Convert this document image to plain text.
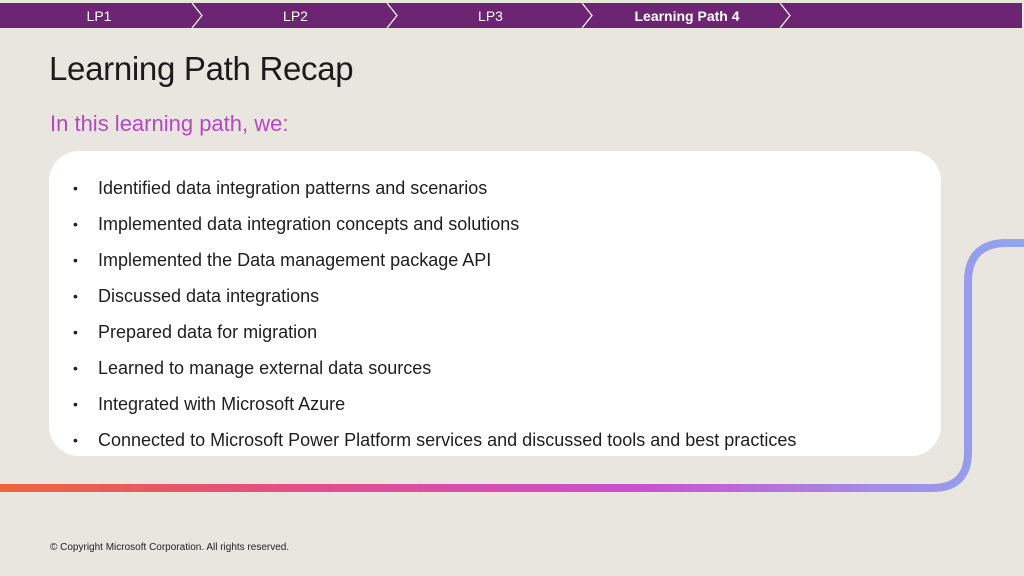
LP1	LP2	LP3	Learning Path 4
Learning Path Recap
In this learning path, we:
• Identified data integration patterns and scenarios
• Implemented data integration concepts and solutions
• Implemented the Data management package API
• Discussed data integrations
• Prepared data for migration
• Learned to manage external data sources
• Integrated with Microsoft Azure
• Connected to Microsoft Power Platform services and discussed tools and best practices
© Copyright Microsoft Corporation. All rights reserved.
